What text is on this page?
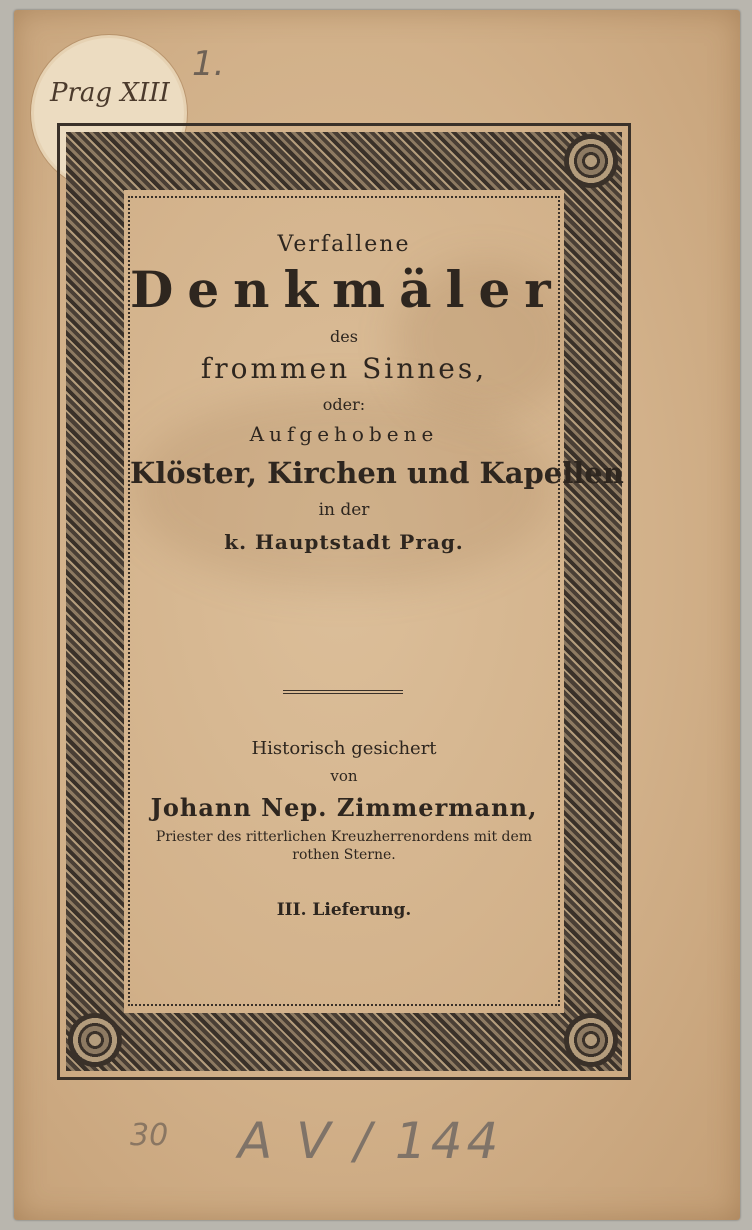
Prag XIII
55.
1.
Verfallene
Denkmäler
des
frommen Sinnes,
oder:
Aufgehobene
Klöster, Kirchen und Kapellen
in der
k. Hauptstadt Prag.
Historisch gesichert
von
Johann Nep. Zimmermann,
Priester des ritterlichen Kreuzherrenordens mit dem rothen Sterne.
III. Lieferung.
30 A V / 144
